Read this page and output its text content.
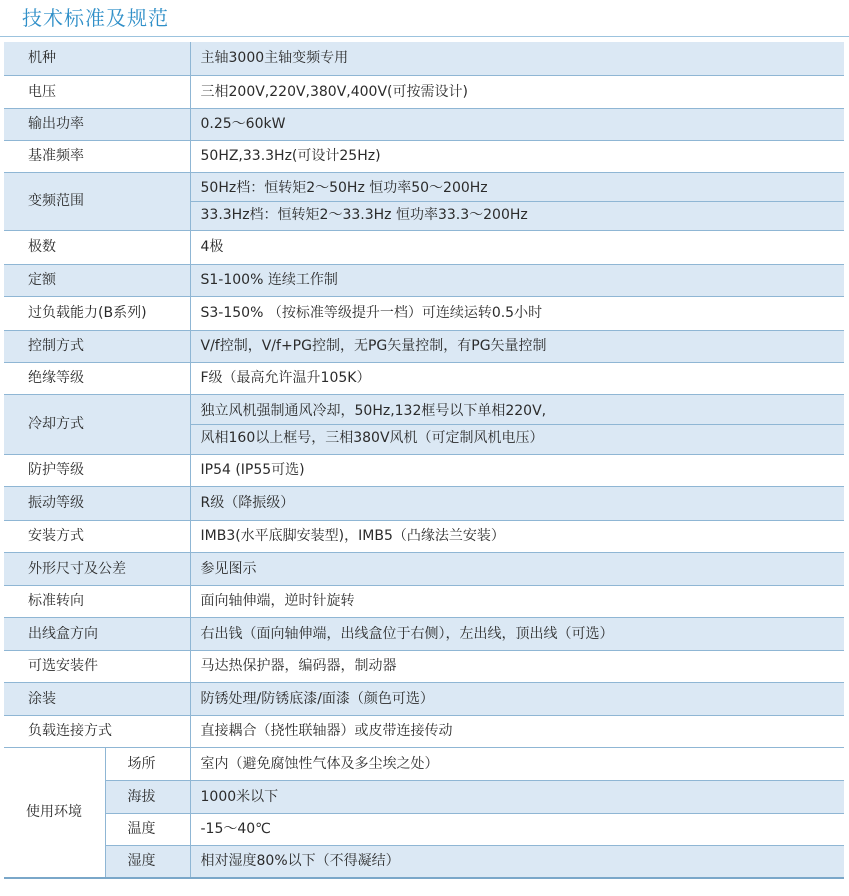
技术标准及规范
机种		主轴3000主轴变频专用
电压		三相200V,220V,380V,400V(可按需设计)
输出功率		0.25～60kW
基准频率		50HZ,33.3Hz(可设计25Hz)
变频范围		50Hz档：恒转矩2～50Hz 恒功率50～200Hz
33.3Hz档：恒转矩2～33.3Hz 恒功率33.3～200Hz

极数		4极
定额		S1-100% 连续工作制
过负载能力(B系列)		S3-150% （按标准等级提升一档）可连续运转0.5小时
控制方式		V/f控制，V/f+PG控制，无PG矢量控制，有PG矢量控制
绝缘等级		F级（最高允许温升105K）
冷却方式		独立风机强制通风冷却，50Hz,132框号以下单相220V,
风相160以上框号，三相380V风机（可定制风机电压）

防护等级		IP54 (IP55可选)
振动等级		R级（降振级）
安装方式		IMB3(水平底脚安装型)，IMB5（凸缘法兰安装）
外形尺寸及公差		参见图示
标准转向		面向轴伸端，逆时针旋转
出线盒方向		右出钱（面向轴伸端，出线盒位于右侧），左出线，顶出线（可选）
可选安装件		马达热保护器，编码器，制动器
涂装		防锈处理/防锈底漆/面漆（颜色可选）
负载连接方式		直接耦合（挠性联轴器）或皮带连接传动
使用环境	场所	室内（避免腐蚀性气体及多尘埃之处）
	海拔	1000米以下
	温度	-15～40℃
	湿度	相对湿度80%以下（不得凝结）
